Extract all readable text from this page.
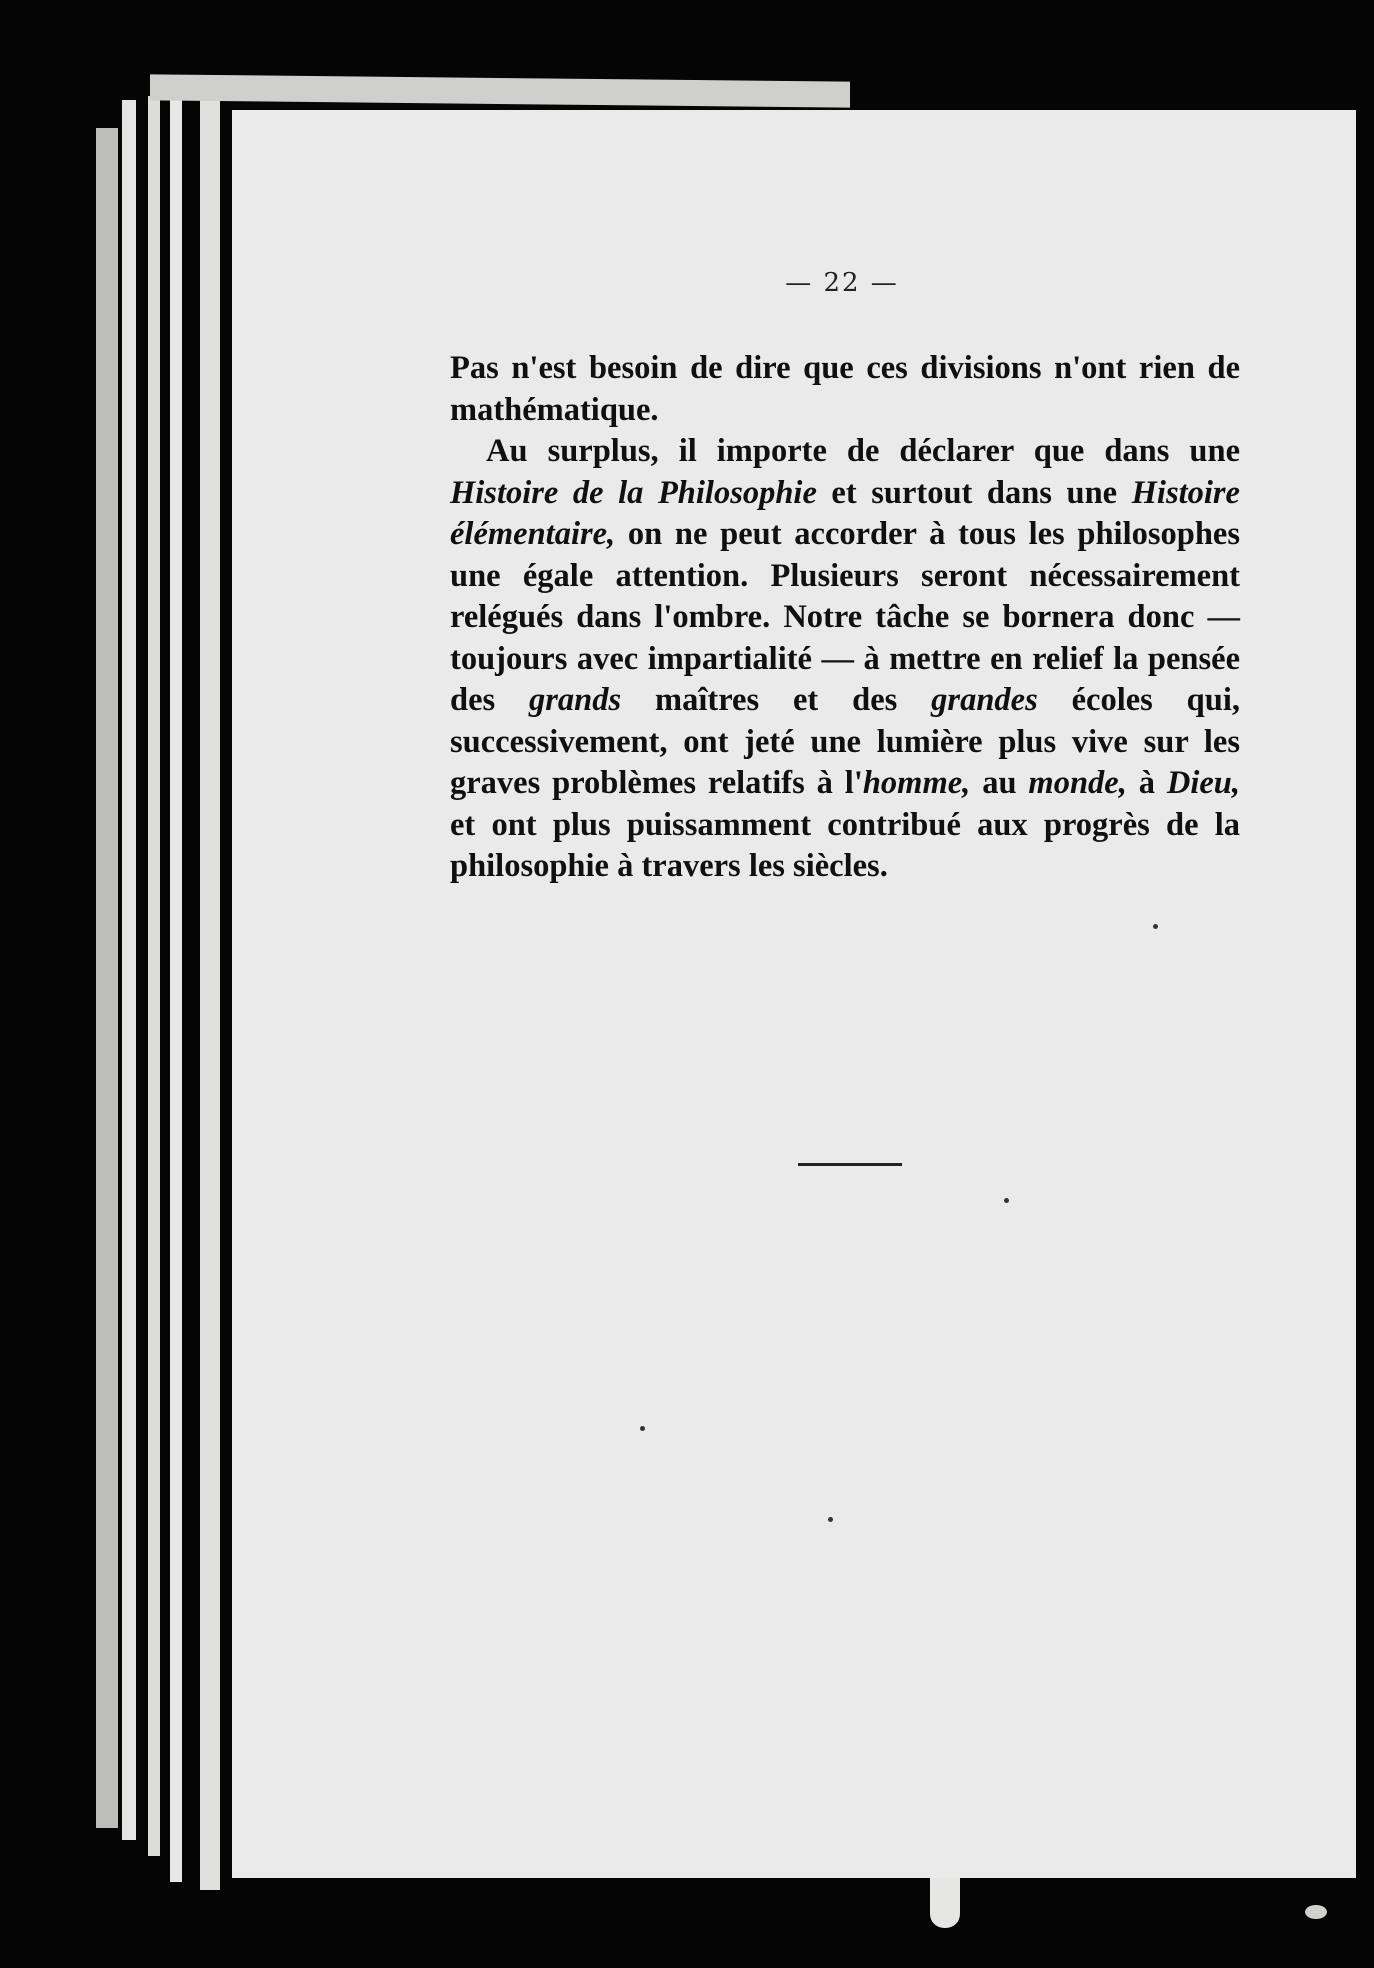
— 22 —

Pas n'est besoin de dire que ces divisions n'ont rien de mathématique.

Au surplus, il importe de déclarer que dans une Histoire de la Philosophie et surtout dans une Histoire élémentaire, on ne peut accorder à tous les philosophes une égale attention. Plusieurs seront nécessairement relégués dans l'ombre. Notre tâche se bornera donc — toujours avec impartialité — à mettre en relief la pensée des grands maîtres et des grandes écoles qui, successivement, ont jeté une lumière plus vive sur les graves problèmes relatifs à l'homme, au monde, à Dieu, et ont plus puissamment contribué aux progrès de la philosophie à travers les siècles.
